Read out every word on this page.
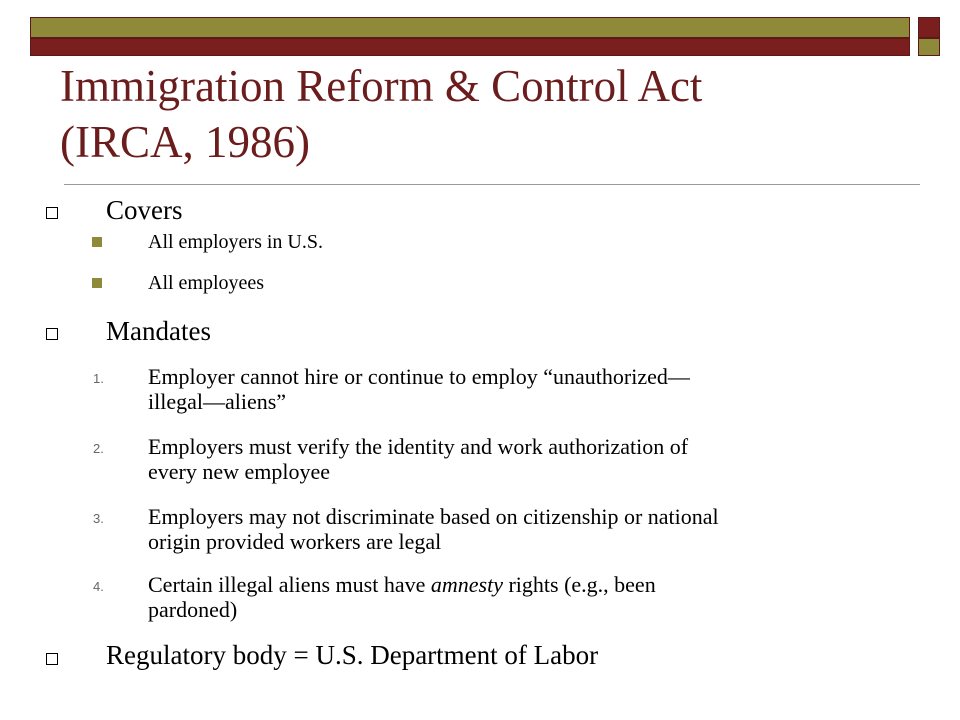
Immigration Reform & Control Act
(IRCA, 1986)
Covers
All employers in U.S.
All employees
Mandates
1. Employer cannot hire or continue to employ “unauthorized—
illegal—aliens”
2. Employers must verify the identity and work authorization of
every new employee
3. Employers may not discriminate based on citizenship or national
origin provided workers are legal
4. Certain illegal aliens must have amnesty rights (e.g., been
pardoned)
Regulatory body = U.S. Department of Labor
